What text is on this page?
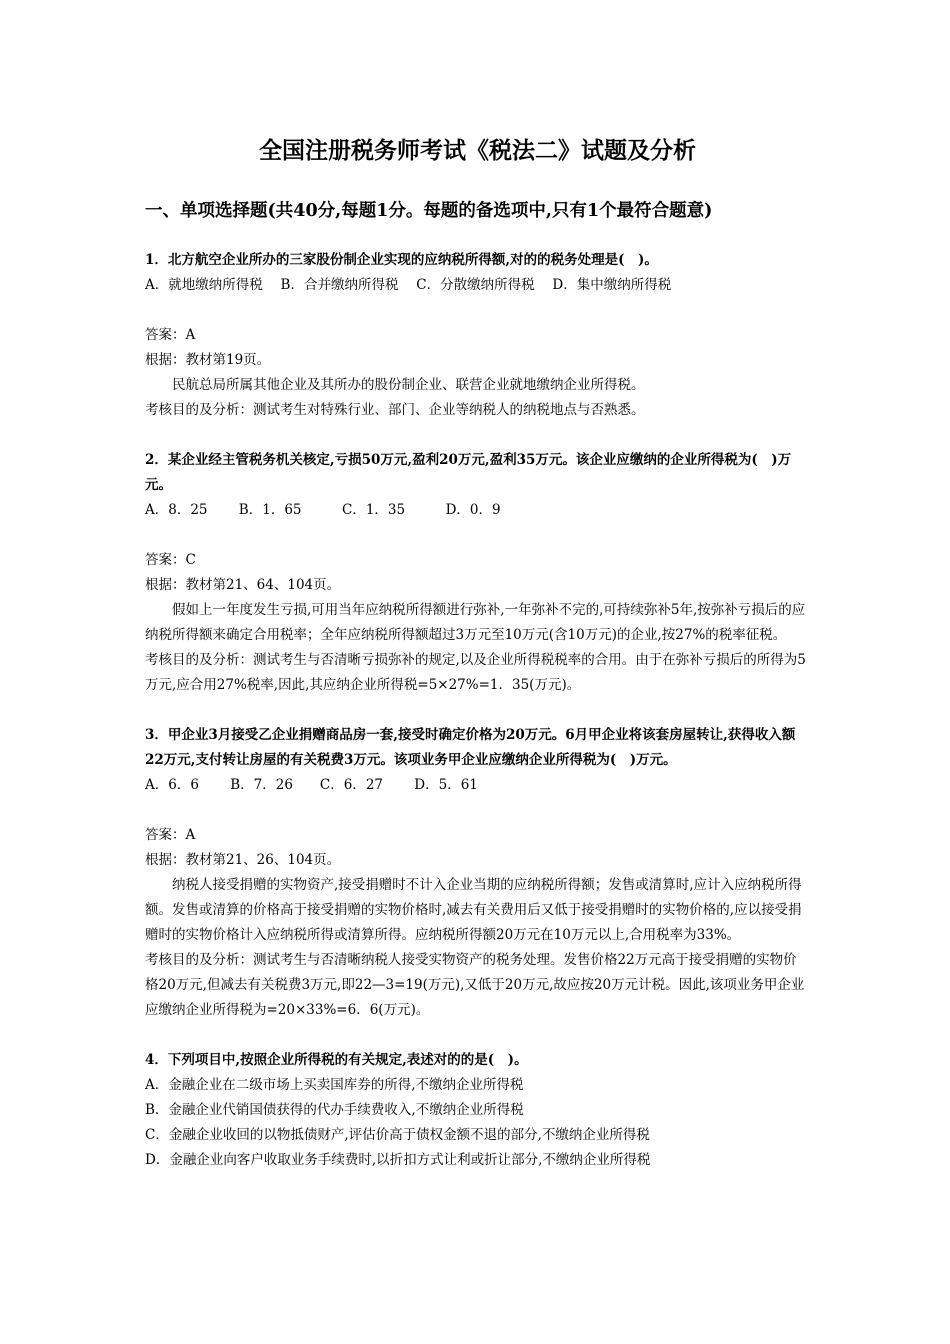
全国注册税务师考试《税法二》试题及分析
一、单项选择题(共40分,每题1分。每题的备选项中,只有1个最符合题意)

1．北方航空企业所办的三家股份制企业实现的应纳税所得额,对的的税务处理是(　)。

A．就地缴纳所得税　 B．合并缴纳所得税　 C．分散缴纳所得税　 D．集中缴纳所得税

答案：A

根据：教材第19页。

民航总局所属其他企业及其所办的股份制企业、联营企业就地缴纳企业所得税。

考核目的及分析：测试考生对特殊行业、部门、企业等纳税人的纳税地点与否熟悉。

2．某企业经主管税务机关核定,亏损50万元,盈利20万元,盈利35万元。该企业应缴纳的企业所得税为(　)万元。

A．8．25　　 B．1．65　　　C．1．35　　　D．0．9

答案：C

根据：教材第21、64、104页。

假如上一年度发生亏损,可用当年应纳税所得额进行弥补,一年弥补不完的,可持续弥补5年,按弥补亏损后的应纳税所得额来确定合用税率；全年应纳税所得额超过3万元至10万元(含10万元)的企业,按27%的税率征税。

考核目的及分析：测试考生与否清晰亏损弥补的规定,以及企业所得税税率的合用。由于在弥补亏损后的所得为5万元,应合用27%税率,因此,其应纳企业所得税=5×27%=1．35(万元)。

3．甲企业3月接受乙企业捐赠商品房一套,接受时确定价格为20万元。6月甲企业将该套房屋转让,获得收入额22万元,支付转让房屋的有关税费3万元。该项业务甲企业应缴纳企业所得税为(　)万元。

A．6．6　　 B．7．26　　C．6．27　　 D．5．61

答案：A

根据：教材第21、26、104页。

纳税人接受捐赠的实物资产,接受捐赠时不计入企业当期的应纳税所得额；发售或清算时,应计入应纳税所得额。发售或清算的价格高于接受捐赠的实物价格时,减去有关费用后又低于接受捐赠时的实物价格的,应以接受捐赠时的实物价格计入应纳税所得或清算所得。应纳税所得额20万元在10万元以上,合用税率为33%。

考核目的及分析：测试考生与否清晰纳税人接受实物资产的税务处理。发售价格22万元高于接受捐赠的实物价格20万元,但减去有关税费3万元,即22—3=19(万元),又低于20万元,故应按20万元计税。因此,该项业务甲企业应缴纳企业所得税为=20×33%=6．6(万元)。

4．下列项目中,按照企业所得税的有关规定,表述对的的是(　)。

A．金融企业在二级市场上买卖国库券的所得,不缴纳企业所得税

B．金融企业代销国债获得的代办手续费收入,不缴纳企业所得税

C．金融企业收回的以物抵债财产,评估价高于债权金额不退的部分,不缴纳企业所得税

D．金融企业向客户收取业务手续费时,以折扣方式让利或折让部分,不缴纳企业所得税
